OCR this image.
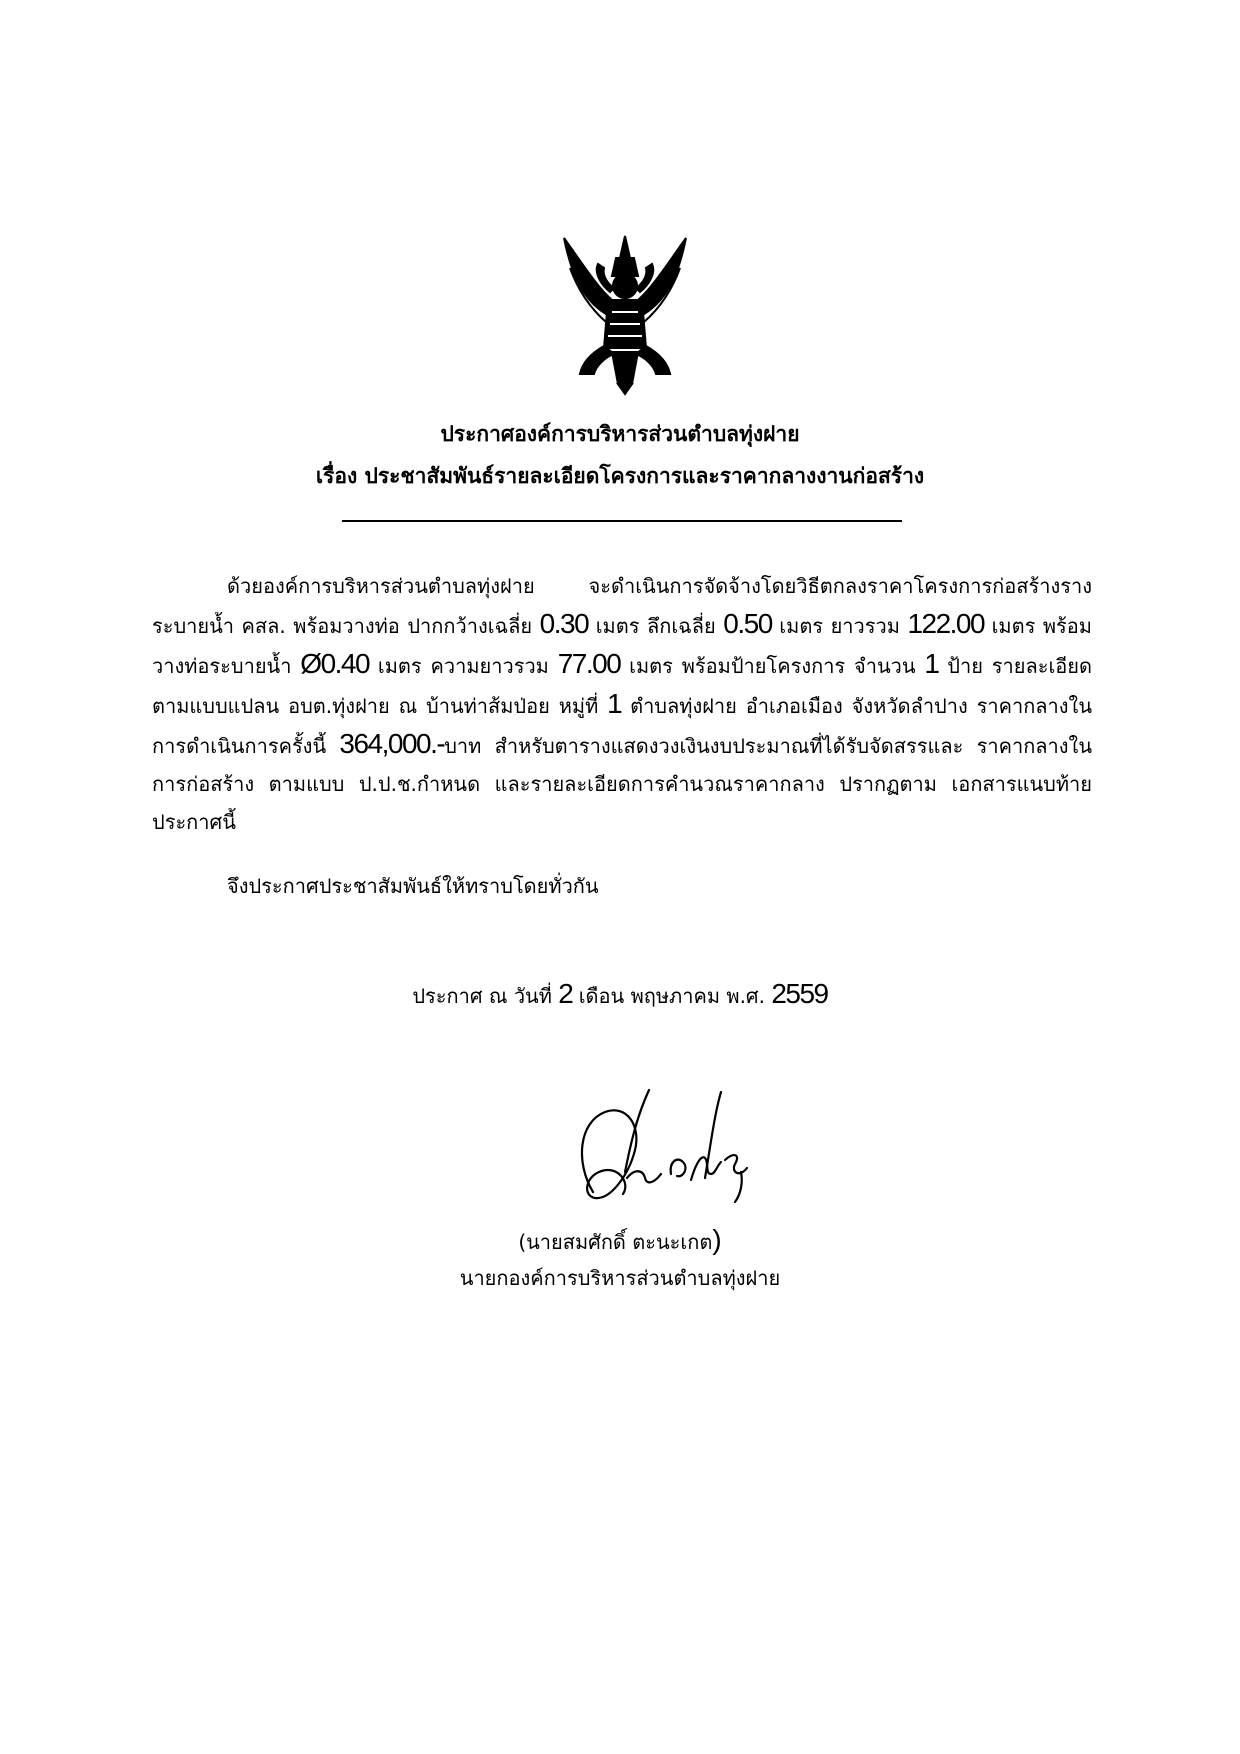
ประกาศองค์การบริหารส่วนตำบลทุ่งฝาย
เรื่อง ประชาสัมพันธ์รายละเอียดโครงการและราคากลางงานก่อสร้าง

ด้วยองค์การบริหารส่วนตำบลทุ่งฝาย จะดำเนินการจัดจ้างโดยวิธีตกลงราคาโครงการก่อสร้างราง ระบายน้ำ คสล. พร้อมวางท่อ ปากกว้างเฉลี่ย 0.30 เมตร ลึกเฉลี่ย 0.50 เมตร ยาวรวม 122.00 เมตร พร้อมวางท่อระบายน้ำ Ø0.40 เมตร ความยาวรวม 77.00 เมตร พร้อมป้ายโครงการ จำนวน 1 ป้าย รายละเอียดตามแบบแปลน อบต.ทุ่งฝาย ณ บ้านท่าส้มป่อย หมู่ที่ 1 ตำบลทุ่งฝาย อำเภอเมือง จังหวัดลำปาง ราคากลางในการดำเนินการครั้งนี้ 364,000.-บาท สำหรับตารางแสดงวงเงินงบประมาณที่ได้รับจัดสรรและ ราคากลางในการก่อสร้าง ตามแบบ ป.ป.ช.กำหนด และรายละเอียดการคำนวณราคากลาง ปรากฏตาม เอกสารแนบท้ายประกาศนี้

จึงประกาศประชาสัมพันธ์ให้ทราบโดยทั่วกัน
ประกาศ ณ วันที่ 2 เดือน พฤษภาคม พ.ศ. 2559
(นายสมศักดิ์ ตะนะเกต)
นายกองค์การบริหารส่วนตำบลทุ่งฝาย
